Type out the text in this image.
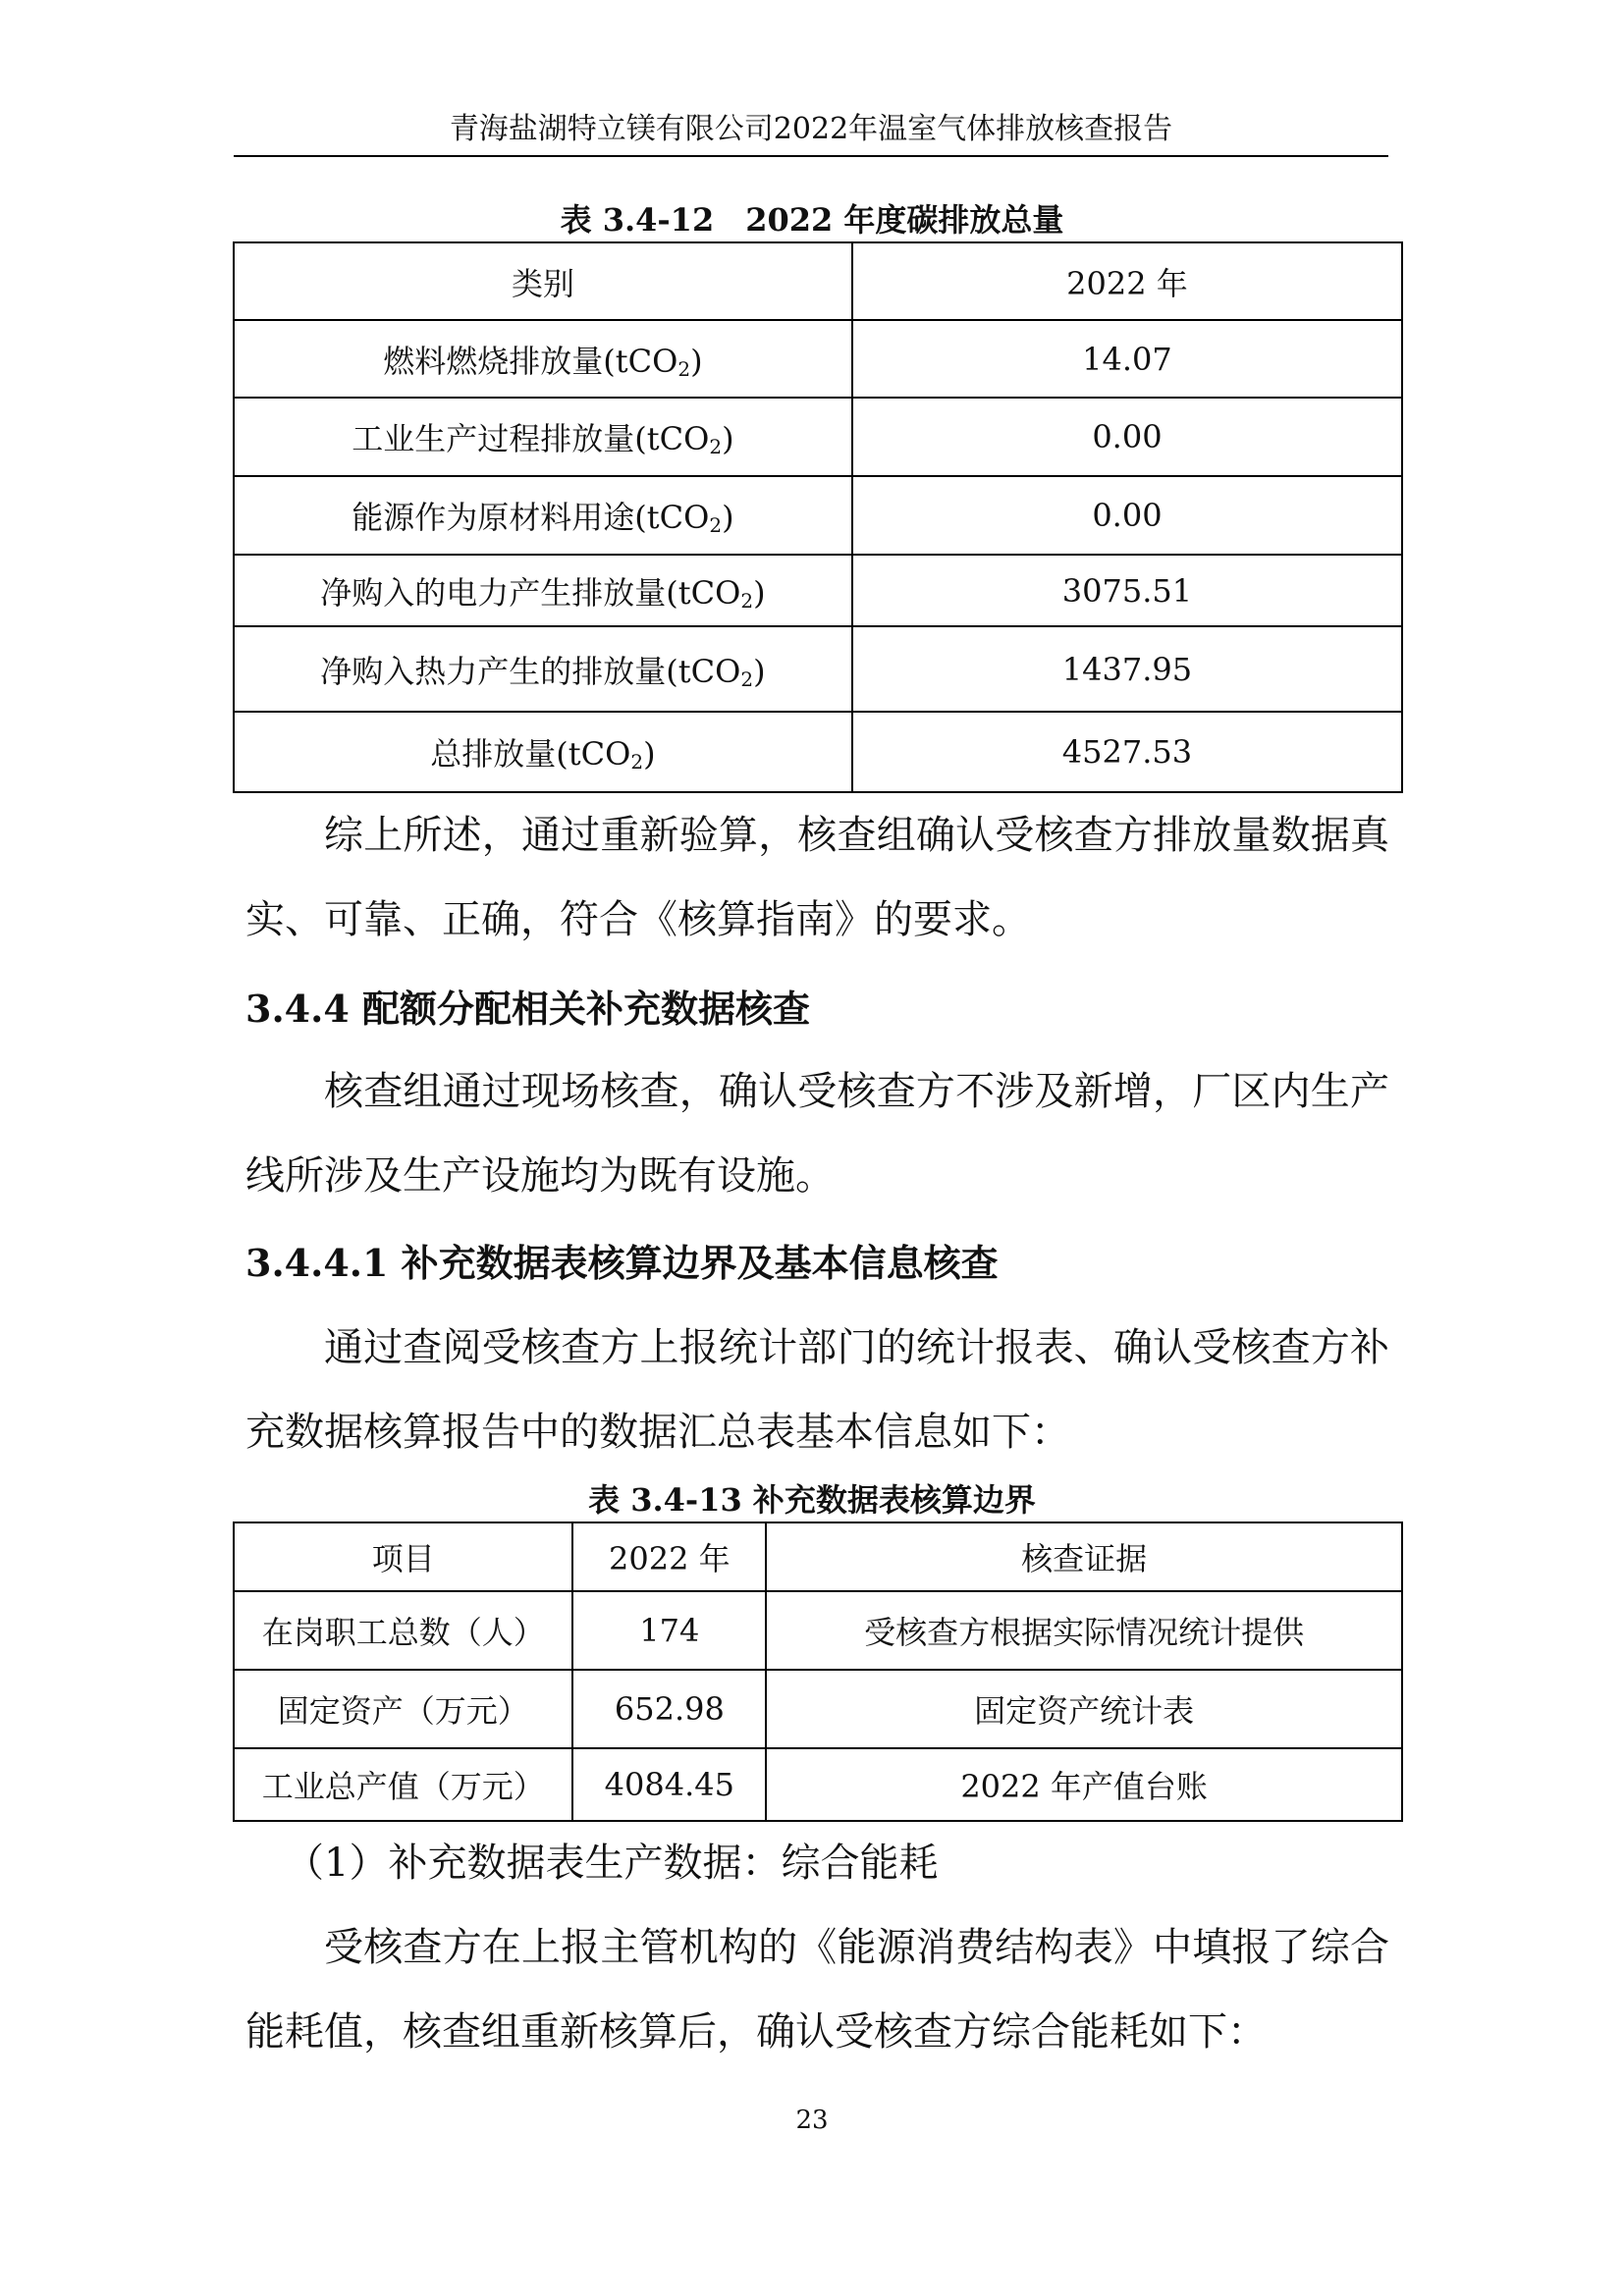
青海盐湖特立镁有限公司2022年温室气体排放核查报告
表 3.4-12　2022 年度碳排放总量
类别	2022 年
燃料燃烧排放量(tCO$_2$)	14.07
工业生产过程排放量(tCO$_2$)	0.00
能源作为原材料用途(tCO$_2$)	0.00
净购入的电力产生排放量(tCO$_2$)	3075.51
净购入热力产生的排放量(tCO$_2$)	1437.95
总排放量(tCO$_2$)	4527.53

综上所述，通过重新验算，核查组确认受核查方排放量数据真实、可靠、正确，符合《核算指南》的要求。

3.4.4 配额分配相关补充数据核查

核查组通过现场核查，确认受核查方不涉及新增，厂区内生产线所涉及生产设施均为既有设施。

3.4.4.1 补充数据表核算边界及基本信息核查

通过查阅受核查方上报统计部门的统计报表、确认受核查方补充数据核算报告中的数据汇总表基本信息如下：

表 3.4-13 补充数据表核算边界
项目	2022 年	核查证据
在岗职工总数（人）	174	受核查方根据实际情况统计提供
固定资产（万元）	652.98	固定资产统计表
工业总产值（万元）	4084.45	2022 年产值台账

（1）补充数据表生产数据：综合能耗

受核查方在上报主管机构的《能源消费结构表》中填报了综合能耗值，核查组重新核算后，确认受核查方综合能耗如下：

23
